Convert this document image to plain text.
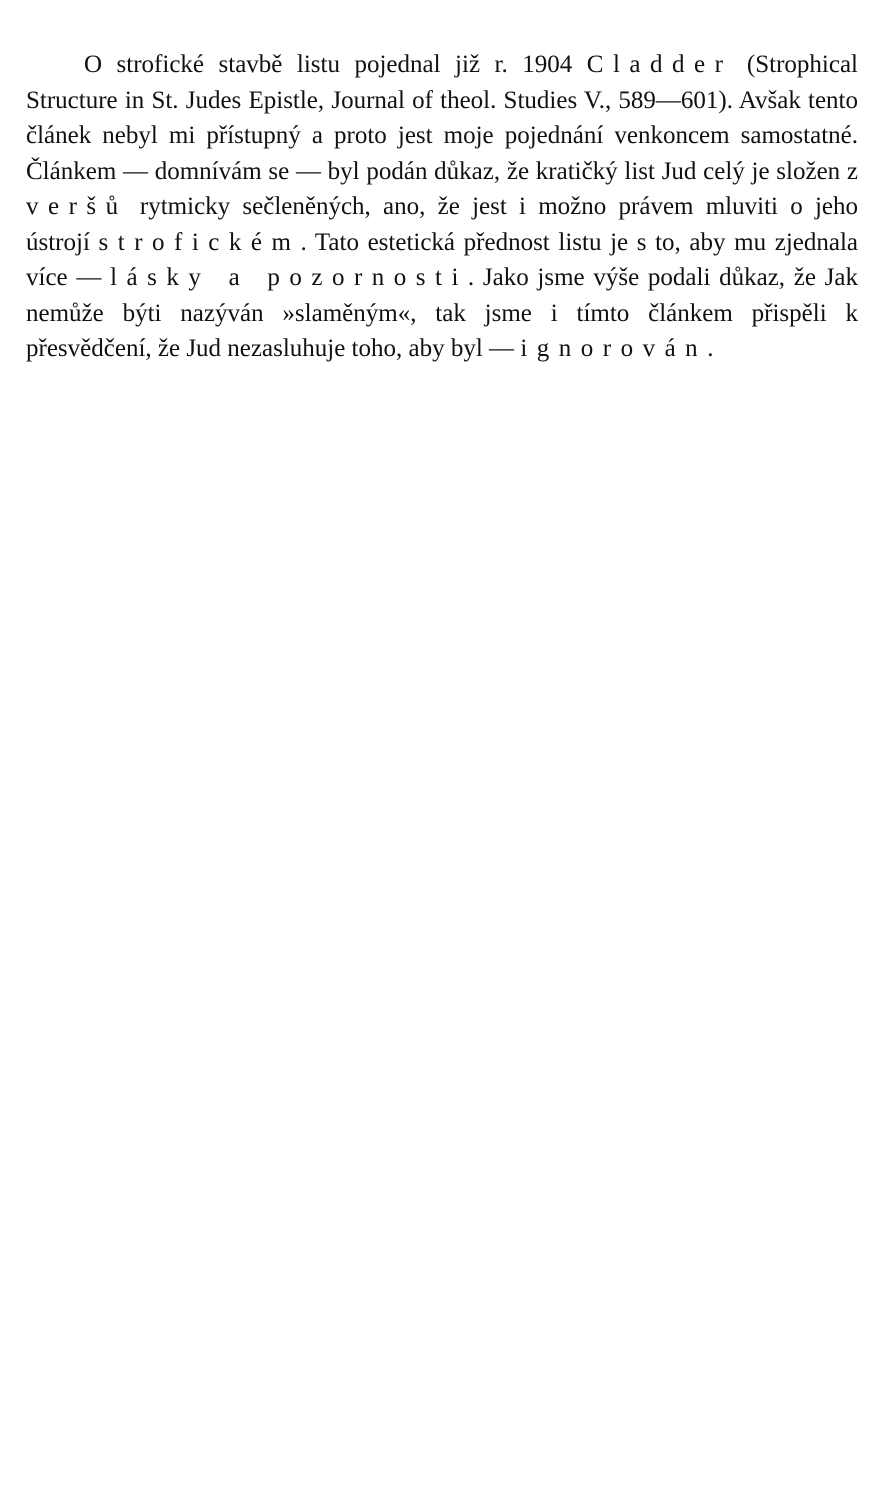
O strofické stavbě listu pojednal již r. 1904 Cladder (Strophical Structure in St. Judes Epistle, Journal of theol. Studies V., 589—601). Avšak tento článek nebyl mi přístupný a proto jest moje pojednání venkoncem samostatné. Článkem — domnívám se — byl podán důkaz, že kratičký list Jud celý je složen z veršů rytmicky sečleněných, ano, že jest i možno právem mluviti o jeho ústrojí strofickém. Tato estetická přednost listu je s to, aby mu zjednala více — lásky a pozornosti. Jako jsme výše podali důkaz, že Jak nemůže býti nazýván »slaměným«, tak jsme i tímto článkem přispěli k přesvědčení, že Jud nezasluhuje toho, aby byl — ignorován.
